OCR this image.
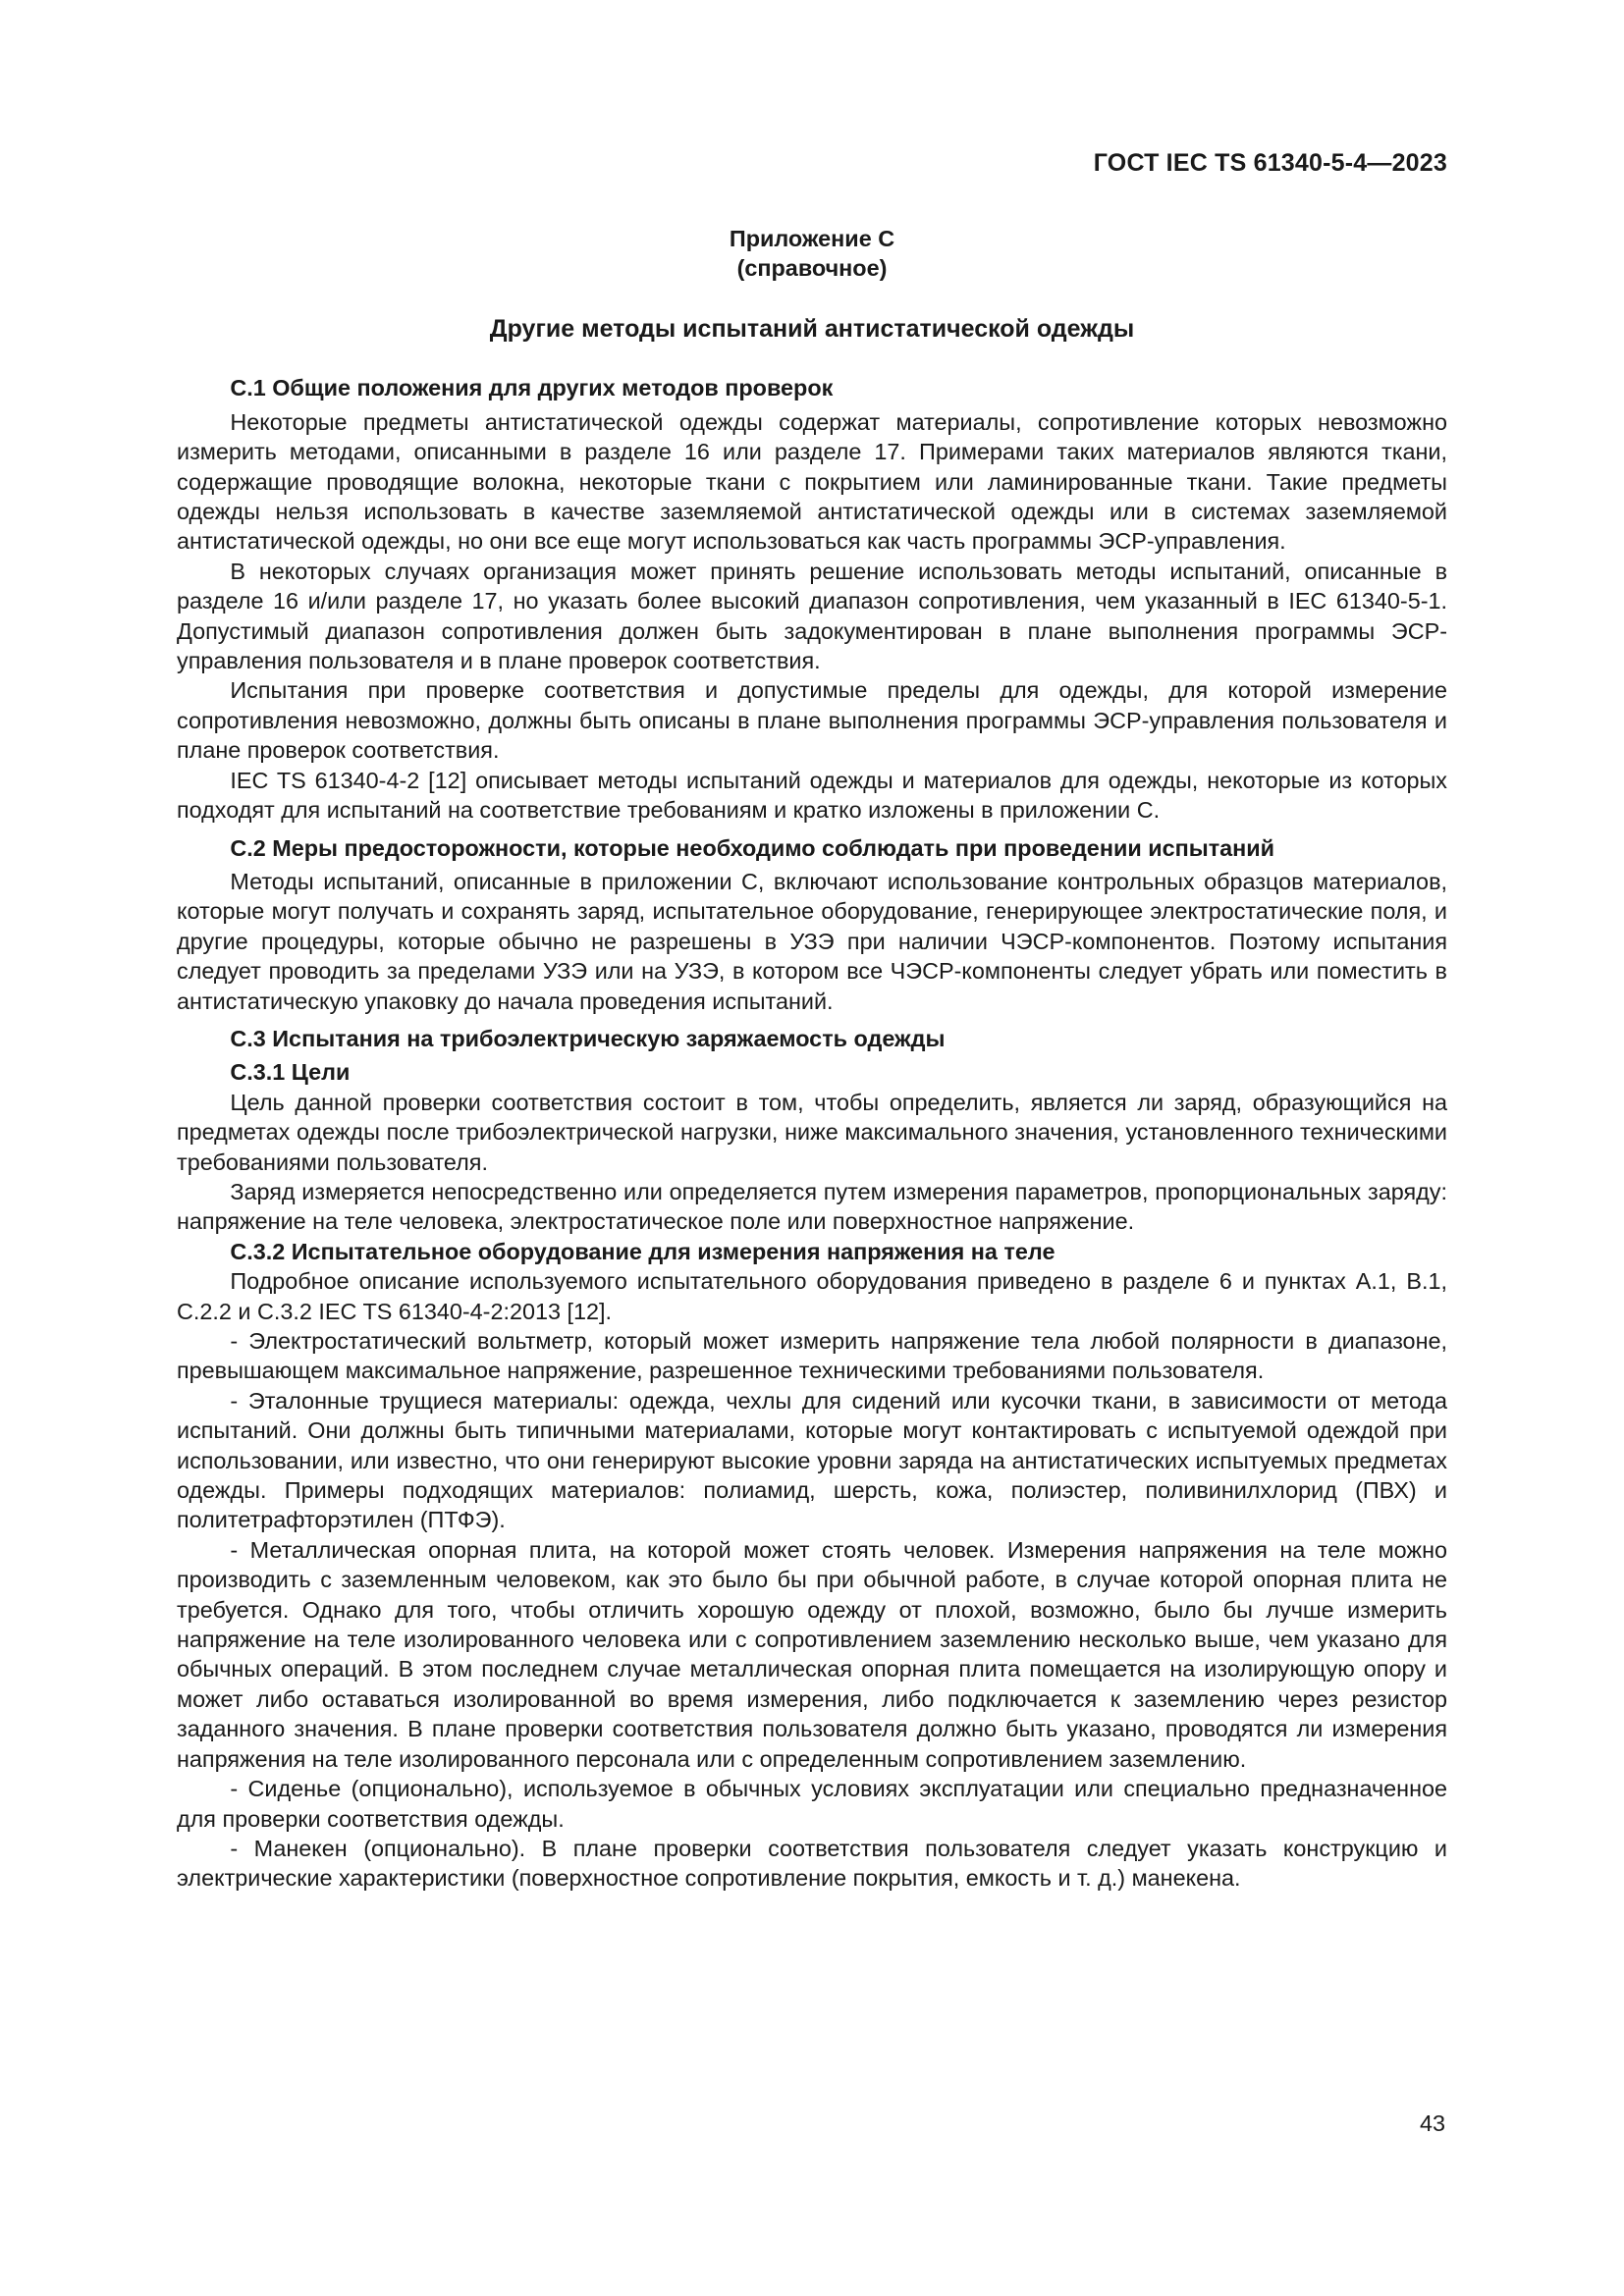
ГОСТ IEC TS 61340-5-4—2023

Приложение С

(справочное)

Другие методы испытаний антистатической одежды
С.1 Общие положения для других методов проверок

Некоторые предметы антистатической одежды содержат материалы, сопротивление которых невозможно измерить методами, описанными в разделе 16 или разделе 17. Примерами таких материалов являются ткани, содержащие проводящие волокна, некоторые ткани с покрытием или ламинированные ткани. Такие предметы одежды нельзя использовать в качестве заземляемой антистатической одежды или в системах заземляемой антистатической одежды, но они все еще могут использоваться как часть программы ЭСР-управления.

В некоторых случаях организация может принять решение использовать методы испытаний, описанные в разделе 16 и/или разделе 17, но указать более высокий диапазон сопротивления, чем указанный в IEC 61340-5-1. Допустимый диапазон сопротивления должен быть задокументирован в плане выполнения программы ЭСР-управления пользователя и в плане проверок соответствия.

Испытания при проверке соответствия и допустимые пределы для одежды, для которой измерение сопротивления невозможно, должны быть описаны в плане выполнения программы ЭСР-управления пользователя и плане проверок соответствия.

IEC TS 61340-4-2 [12] описывает методы испытаний одежды и материалов для одежды, некоторые из которых подходят для испытаний на соответствие требованиям и кратко изложены в приложении С.

С.2 Меры предосторожности, которые необходимо соблюдать при проведении испытаний

Методы испытаний, описанные в приложении С, включают использование контрольных образцов материалов, которые могут получать и сохранять заряд, испытательное оборудование, генерирующее электростатические поля, и другие процедуры, которые обычно не разрешены в УЗЭ при наличии ЧЭСР-компонентов. Поэтому испытания следует проводить за пределами УЗЭ или на УЗЭ, в котором все ЧЭСР-компоненты следует убрать или поместить в антистатическую упаковку до начала проведения испытаний.

С.3 Испытания на трибоэлектрическую заряжаемость одежды
С.3.1 Цели

Цель данной проверки соответствия состоит в том, чтобы определить, является ли заряд, образующийся на предметах одежды после трибоэлектрической нагрузки, ниже максимального значения, установленного техническими требованиями пользователя.

Заряд измеряется непосредственно или определяется путем измерения параметров, пропорциональных заряду: напряжение на теле человека, электростатическое поле или поверхностное напряжение.

С.3.2 Испытательное оборудование для измерения напряжения на теле

Подробное описание используемого испытательного оборудования приведено в разделе 6 и пунктах А.1, В.1, С.2.2 и С.3.2 IEC TS 61340-4-2:2013 [12].

- Электростатический вольтметр, который может измерить напряжение тела любой полярности в диапазоне, превышающем максимальное напряжение, разрешенное техническими требованиями пользователя.

- Эталонные трущиеся материалы: одежда, чехлы для сидений или кусочки ткани, в зависимости от метода испытаний. Они должны быть типичными материалами, которые могут контактировать с испытуемой одеждой при использовании, или известно, что они генерируют высокие уровни заряда на антистатических испытуемых предметах одежды. Примеры подходящих материалов: полиамид, шерсть, кожа, полиэстер, поливинилхлорид (ПВХ) и политетрафторэтилен (ПТФЭ).

- Металлическая опорная плита, на которой может стоять человек. Измерения напряжения на теле можно производить с заземленным человеком, как это было бы при обычной работе, в случае которой опорная плита не требуется. Однако для того, чтобы отличить хорошую одежду от плохой, возможно, было бы лучше измерить напряжение на теле изолированного человека или с сопротивлением заземлению несколько выше, чем указано для обычных операций. В этом последнем случае металлическая опорная плита помещается на изолирующую опору и может либо оставаться изолированной во время измерения, либо подключается к заземлению через резистор заданного значения. В плане проверки соответствия пользователя должно быть указано, проводятся ли измерения напряжения на теле изолированного персонала или с определенным сопротивлением заземлению.

- Сиденье (опционально), используемое в обычных условиях эксплуатации или специально предназначенное для проверки соответствия одежды.

- Манекен (опционально). В плане проверки соответствия пользователя следует указать конструкцию и электрические характеристики (поверхностное сопротивление покрытия, емкость и т. д.) манекена.

43
